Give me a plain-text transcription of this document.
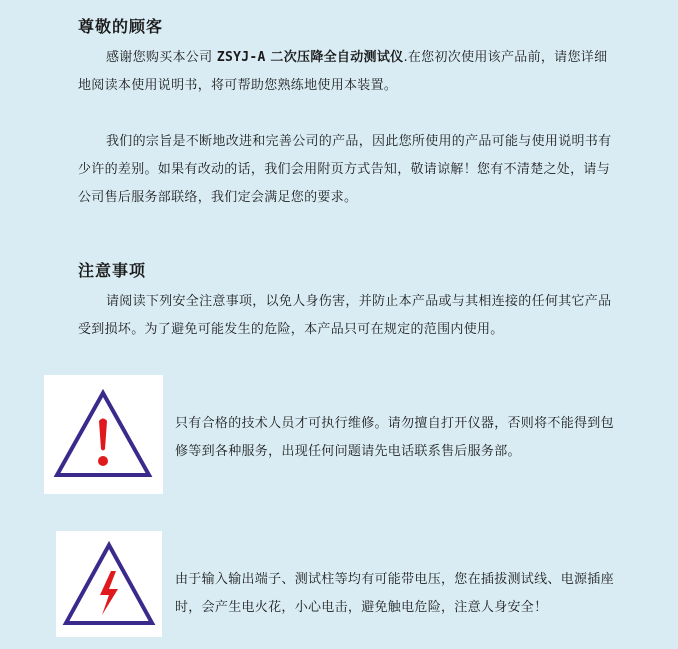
尊敬的顾客
感谢您购买本公司 ZSYJ-A 二次压降全自动测试仪.在您初次使用该产品前，请您详细地阅读本使用说明书，将可帮助您熟练地使用本装置。
我们的宗旨是不断地改进和完善公司的产品，因此您所使用的产品可能与使用说明书有少许的差别。如果有改动的话，我们会用附页方式告知，敬请谅解！您有不清楚之处，请与公司售后服务部联络，我们定会满足您的要求。
注意事项
请阅读下列安全注意事项，以免人身伤害，并防止本产品或与其相连接的任何其它产品受到损坏。为了避免可能发生的危险，本产品只可在规定的范围内使用。
只有合格的技术人员才可执行维修。请勿擅自打开仪器，否则将不能得到包 修等到各种服务，出现任何问题请先电话联系售后服务部。
由于输入输出端子、测试柱等均有可能带电压，您在插拔测试线、电源插座时，会产生电火花，小心电击，避免触电危险，注意人身安全！
